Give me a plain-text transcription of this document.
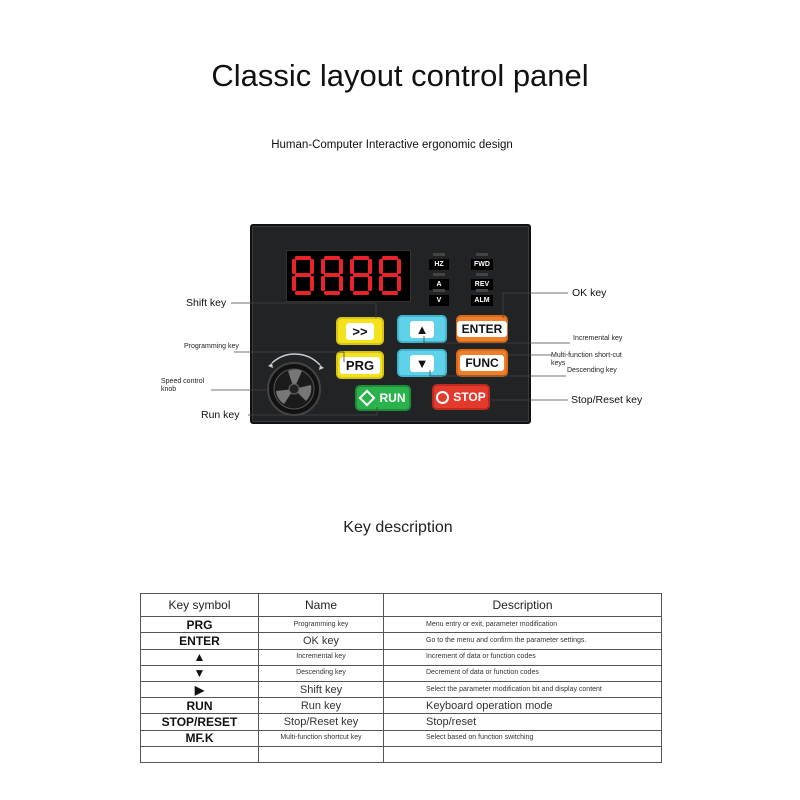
Classic layout control panel
Human-Computer Interactive ergonomic design
HZ
A
V
FWD
REV
ALM
>>	▲	ENTER
PRG	▼	FUNC
RUN	STOP
Shift key
Programming key
Speed control knob
Run key
OK key
Incremental key
Multi-function short-cut keys
Descending key
Stop/Reset key
Key description
Key symbol	Name	Description
PRG	Programming key	Menu entry or exit, parameter modification
ENTER	OK key	Go to the menu and confirm the parameter settings.
▲	Incremental key	Increment of data or function codes
▼	Descending key	Decrement of data or function codes
▶	Shift key	Select the parameter modification bit and display content
RUN	Run key	Keyboard operation mode
STOP/RESET	Stop/Reset key	Stop/reset
MF.K	Multi-function shortcut key	Select based on function switching
